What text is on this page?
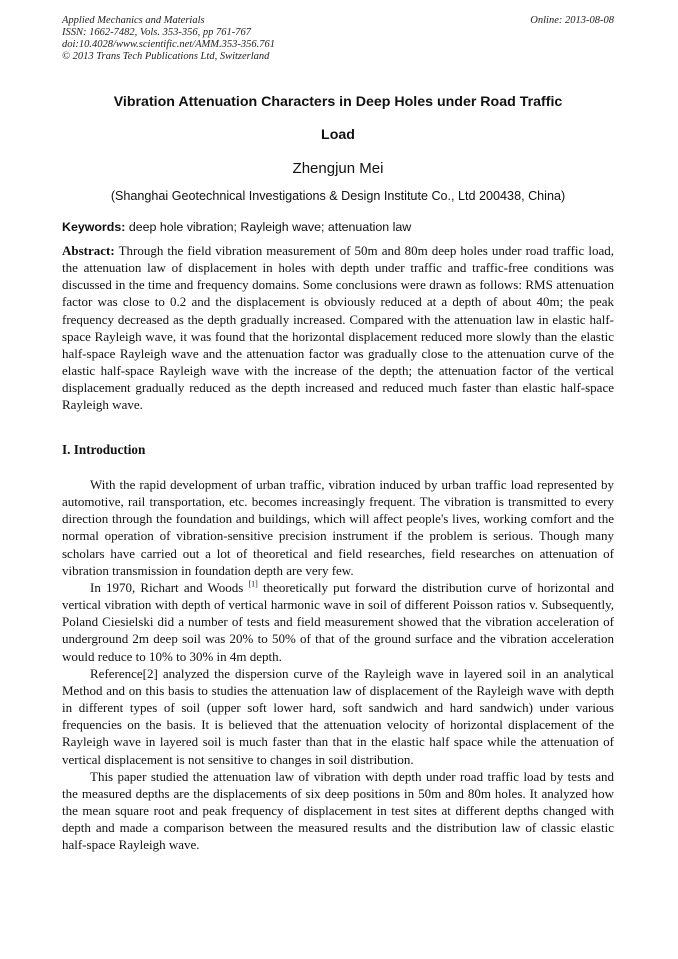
Applied Mechanics and Materials
ISSN: 1662-7482, Vols. 353-356, pp 761-767
doi:10.4028/www.scientific.net/AMM.353-356.761
© 2013 Trans Tech Publications Ltd, Switzerland
Online: 2013-08-08
Vibration Attenuation Characters in Deep Holes under Road Traffic
Load
Zhengjun Mei
(Shanghai Geotechnical Investigations & Design Institute Co., Ltd 200438, China)
Keywords: deep hole vibration; Rayleigh wave; attenuation law
Abstract: Through the field vibration measurement of 50m and 80m deep holes under road traffic load, the attenuation law of displacement in holes with depth under traffic and traffic-free conditions was discussed in the time and frequency domains. Some conclusions were drawn as follows: RMS attenuation factor was close to 0.2 and the displacement is obviously reduced at a depth of about 40m; the peak frequency decreased as the depth gradually increased. Compared with the attenuation law in elastic half-space Rayleigh wave, it was found that the horizontal displacement reduced more slowly than the elastic half-space Rayleigh wave and the attenuation factor was gradually close to the attenuation curve of the elastic half-space Rayleigh wave with the increase of the depth; the attenuation factor of the vertical displacement gradually reduced as the depth increased and reduced much faster than elastic half-space Rayleigh wave.
I. Introduction

With the rapid development of urban traffic, vibration induced by urban traffic load represented by automotive, rail transportation, etc. becomes increasingly frequent. The vibration is transmitted to every direction through the foundation and buildings, which will affect people's lives, working comfort and the normal operation of vibration-sensitive precision instrument if the problem is serious. Though many scholars have carried out a lot of theoretical and field researches, field researches on attenuation of vibration transmission in foundation depth are very few.

In 1970, Richart and Woods [1] theoretically put forward the distribution curve of horizontal and vertical vibration with depth of vertical harmonic wave in soil of different Poisson ratios v. Subsequently, Poland Ciesielski did a number of tests and field measurement showed that the vibration acceleration of underground 2m deep soil was 20% to 50% of that of the ground surface and the vibration acceleration would reduce to 10% to 30% in 4m depth.

Reference[2] analyzed the dispersion curve of the Rayleigh wave in layered soil in an analytical Method and on this basis to studies the attenuation law of displacement of the Rayleigh wave with depth in different types of soil (upper soft lower hard, soft sandwich and hard sandwich) under various frequencies on the basis. It is believed that the attenuation velocity of horizontal displacement of the Rayleigh wave in layered soil is much faster than that in the elastic half space while the attenuation of vertical displacement is not sensitive to changes in soil distribution.

This paper studied the attenuation law of vibration with depth under road traffic load by tests and the measured depths are the displacements of six deep positions in 50m and 80m holes. It analyzed how the mean square root and peak frequency of displacement in test sites at different depths changed with depth and made a comparison between the measured results and the distribution law of classic elastic half-space Rayleigh wave.
